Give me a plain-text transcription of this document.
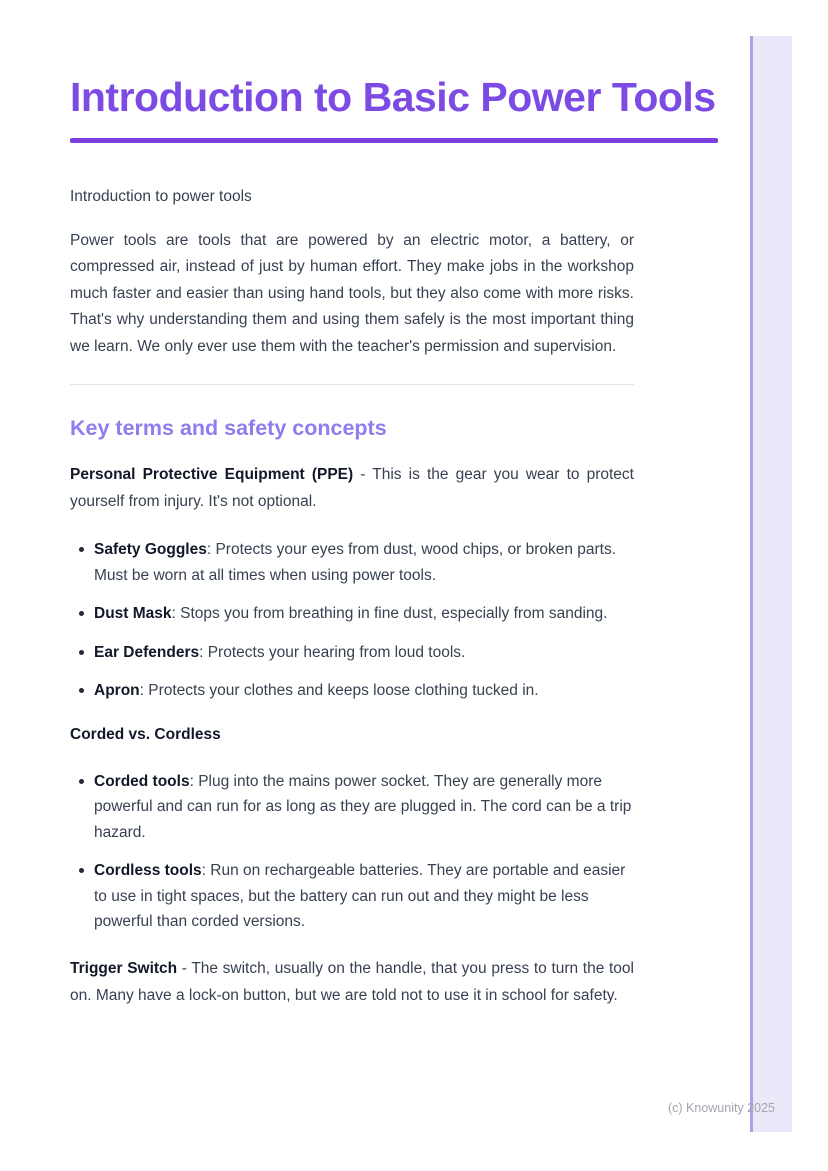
Introduction to Basic Power Tools
Introduction to power tools

Power tools are tools that are powered by an electric motor, a battery, or compressed air, instead of just by human effort. They make jobs in the workshop much faster and easier than using hand tools, but they also come with more risks. That's why understanding them and using them safely is the most important thing we learn. We only ever use them with the teacher's permission and supervision.

Key terms and safety concepts

Personal Protective Equipment (PPE) - This is the gear you wear to protect yourself from injury. It's not optional.

Safety Goggles: Protects your eyes from dust, wood chips, or broken parts. Must be worn at all times when using power tools.
Dust Mask: Stops you from breathing in fine dust, especially from sanding.
Ear Defenders: Protects your hearing from loud tools.
Apron: Protects your clothes and keeps loose clothing tucked in.
Corded vs. Cordless
Corded tools: Plug into the mains power socket. They are generally more powerful and can run for as long as they are plugged in. The cord can be a trip hazard.
Cordless tools: Run on rechargeable batteries. They are portable and easier to use in tight spaces, but the battery can run out and they might be less powerful than corded versions.

Trigger Switch - The switch, usually on the handle, that you press to turn the tool on. Many have a lock-on button, but we are told not to use it in school for safety.

(c) Knowunity 2025
